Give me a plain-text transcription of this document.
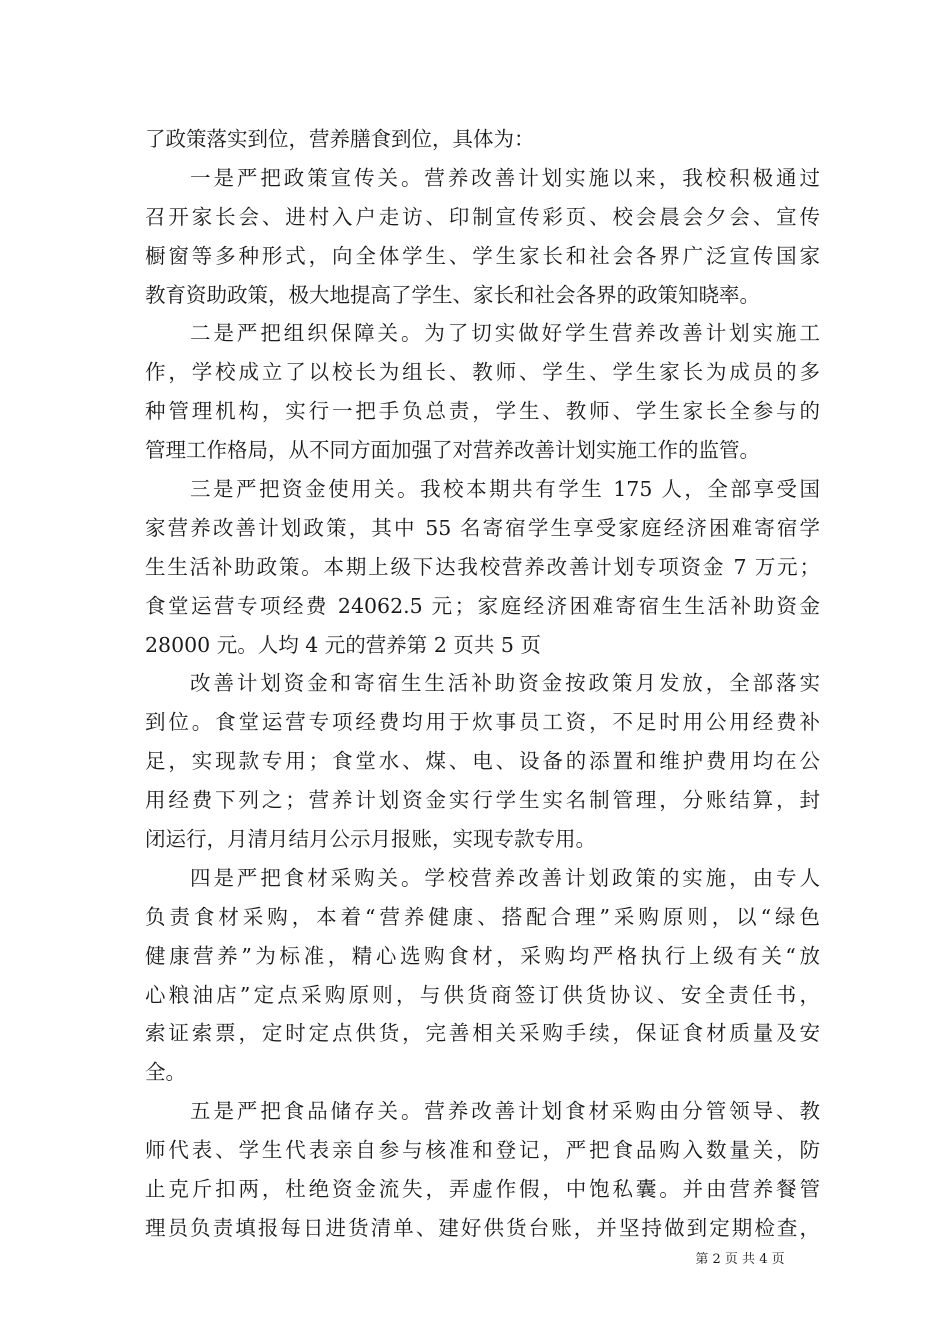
了政策落实到位，营养膳食到位，具体为：
一是严把政策宣传关。营养改善计划实施以来，我校积极通过
召开家长会、进村入户走访、印制宣传彩页、校会晨会夕会、宣传
橱窗等多种形式，向全体学生、学生家长和社会各界广泛宣传国家
教育资助政策，极大地提高了学生、家长和社会各界的政策知晓率。
二是严把组织保障关。为了切实做好学生营养改善计划实施工
作，学校成立了以校长为组长、教师、学生、学生家长为成员的多
种管理机构，实行一把手负总责，学生、教师、学生家长全参与的
管理工作格局，从不同方面加强了对营养改善计划实施工作的监管。
三是严把资金使用关。我校本期共有学生 175 人，全部享受国
家营养改善计划政策，其中 55 名寄宿学生享受家庭经济困难寄宿学
生生活补助政策。本期上级下达我校营养改善计划专项资金 7 万元；
食堂运营专项经费 24062.5 元；家庭经济困难寄宿生生活补助资金
28000 元。人均 4 元的营养第 2 页共 5 页
改善计划资金和寄宿生生活补助资金按政策月发放，全部落实
到位。食堂运营专项经费均用于炊事员工资，不足时用公用经费补
足，实现款专用；食堂水、煤、电、设备的添置和维护费用均在公
用经费下列之；营养计划资金实行学生实名制管理，分账结算，封
闭运行，月清月结月公示月报账，实现专款专用。
四是严把食材采购关。学校营养改善计划政策的实施，由专人
负责食材采购，本着“营养健康、搭配合理”采购原则，以“绿色
健康营养”为标准，精心选购食材，采购均严格执行上级有关“放
心粮油店”定点采购原则，与供货商签订供货协议、安全责任书，
索证索票，定时定点供货，完善相关采购手续，保证食材质量及安
全。
五是严把食品储存关。营养改善计划食材采购由分管领导、教
师代表、学生代表亲自参与核准和登记，严把食品购入数量关，防
止克斤扣两，杜绝资金流失，弄虚作假，中饱私囊。并由营养餐管
理员负责填报每日进货清单、建好供货台账，并坚持做到定期检查，
第 2 页 共 4 页
